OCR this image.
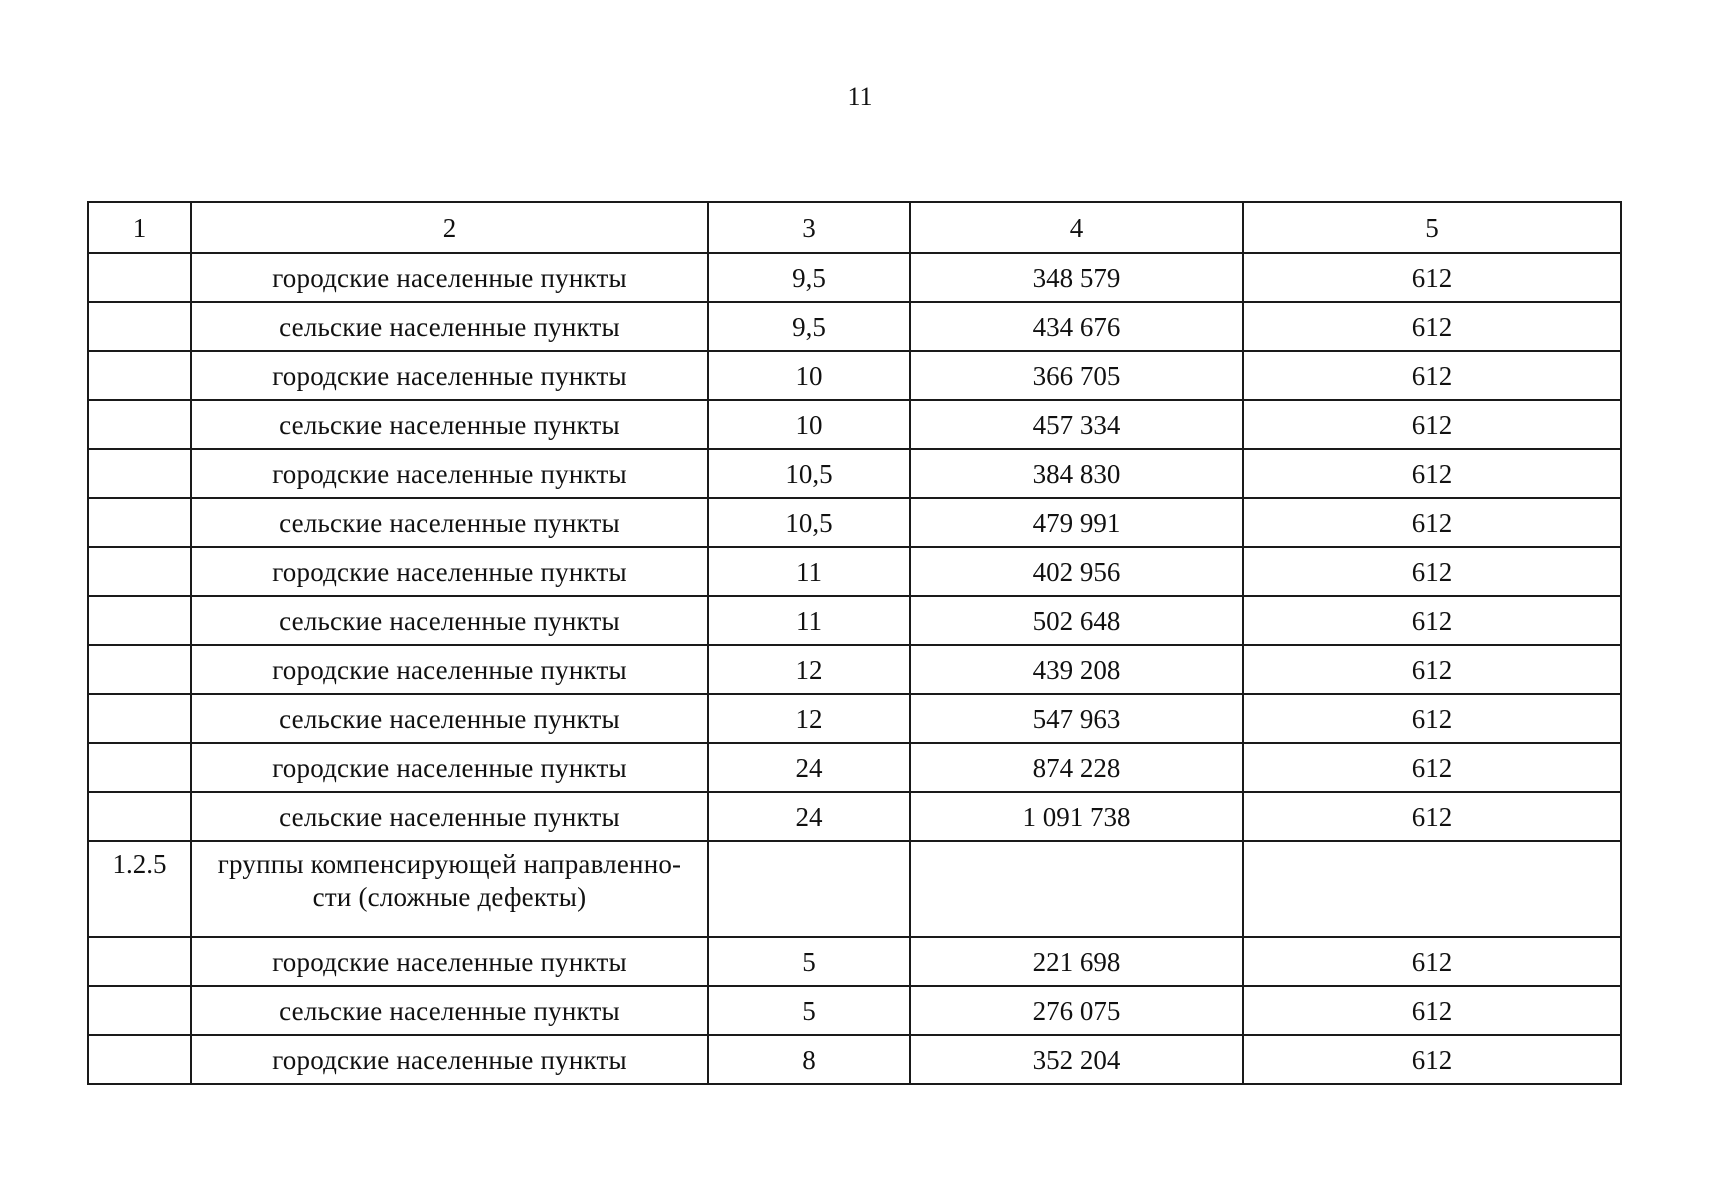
11
1	2	3	4	5
	городские населенные пункты	9,5	348 579	612
	сельские населенные пункты	9,5	434 676	612
	городские населенные пункты	10	366 705	612
	сельские населенные пункты	10	457 334	612
	городские населенные пункты	10,5	384 830	612
	сельские населенные пункты	10,5	479 991	612
	городские населенные пункты	11	402 956	612
	сельские населенные пункты	11	502 648	612
	городские населенные пункты	12	439 208	612
	сельские населенные пункты	12	547 963	612
	городские населенные пункты	24	874 228	612
	сельские населенные пункты	24	1 091 738	612
1.2.5	группы компенсирующей направленно-
сти (сложные дефекты)			

	городские населенные пункты	5	221 698	612
	сельские населенные пункты	5	276 075	612
	городские населенные пункты	8	352 204	612
